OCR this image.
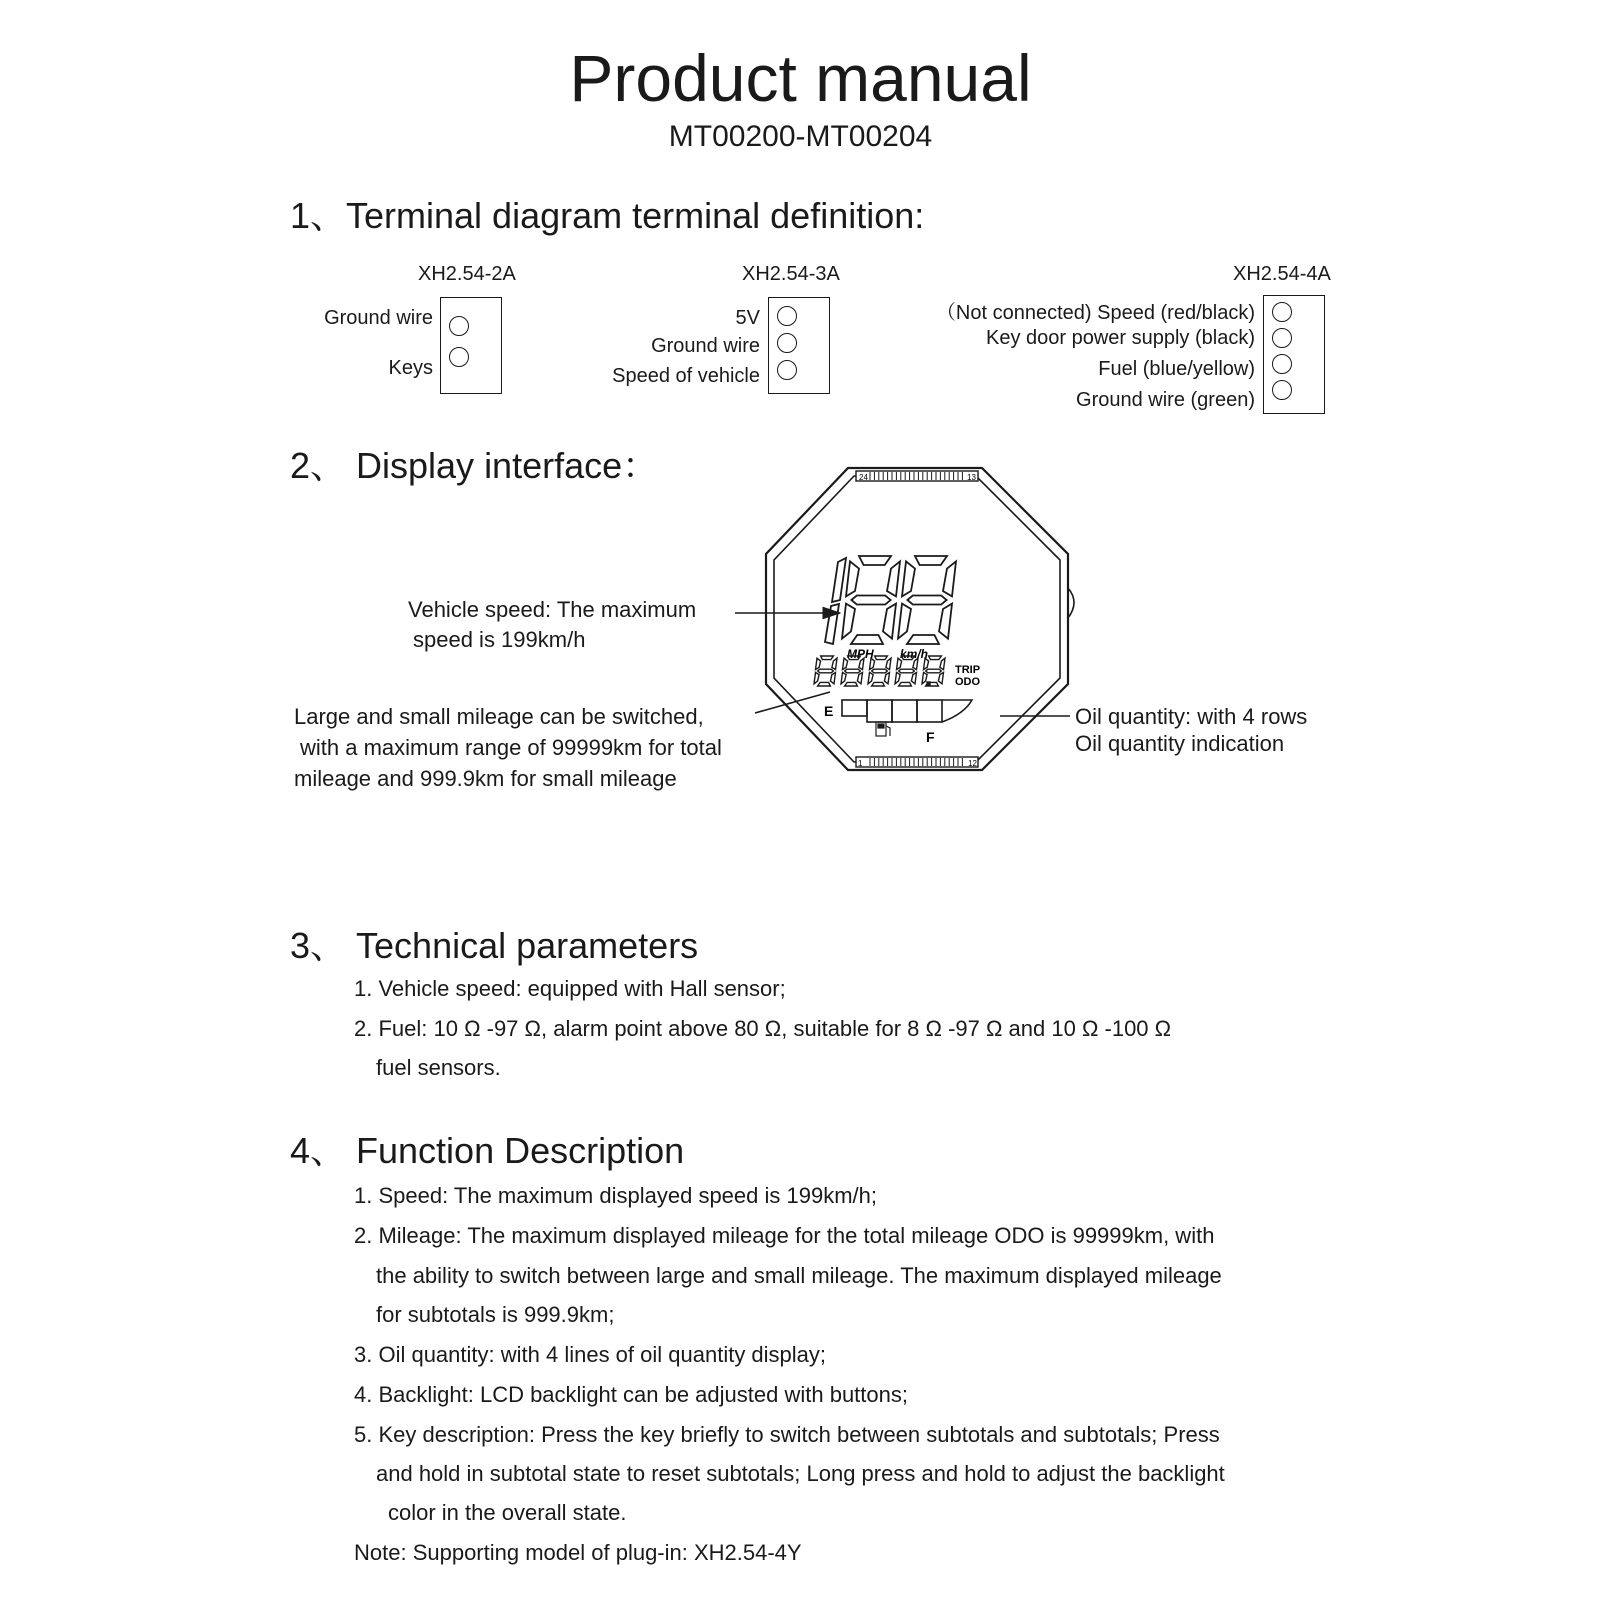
Product manual
MT00200-MT00204
1、Terminal diagram terminal definition:
XH2.54-2A
Ground wire
Keys
XH2.54-3A
5V
Ground wire
Speed of vehicle
XH2.54-4A
（Not connected) Speed (red/black)
Key door power supply (black)
Fuel (blue/yellow)
Ground wire (green)
2、 Display interface：
Vehicle speed: The maximum
speed is 199km/h
Large and small mileage can be switched,
with a maximum range of 99999km for total
mileage and 999.9km for small mileage
Oil quantity: with 4 rows
Oil quantity indication
24	13
1	12
MPH km/h
TRIP
ODO
E
F
3、 Technical parameters
1. Vehicle speed: equipped with Hall sensor;
2. Fuel: 10 Ω -97 Ω, alarm point above 80 Ω, suitable for 8 Ω -97 Ω and 10 Ω -100 Ω
fuel sensors.
4、 Function Description
1. Speed: The maximum displayed speed is 199km/h;
2. Mileage: The maximum displayed mileage for the total mileage ODO is 99999km, with
the ability to switch between large and small mileage. The maximum displayed mileage
for subtotals is 999.9km;
3. Oil quantity: with 4 lines of oil quantity display;
4. Backlight: LCD backlight can be adjusted with buttons;
5. Key description: Press the key briefly to switch between subtotals and subtotals; Press
and hold in subtotal state to reset subtotals; Long press and hold to adjust the backlight
color in the overall state.
Note: Supporting model of plug-in: XH2.54-4Y
